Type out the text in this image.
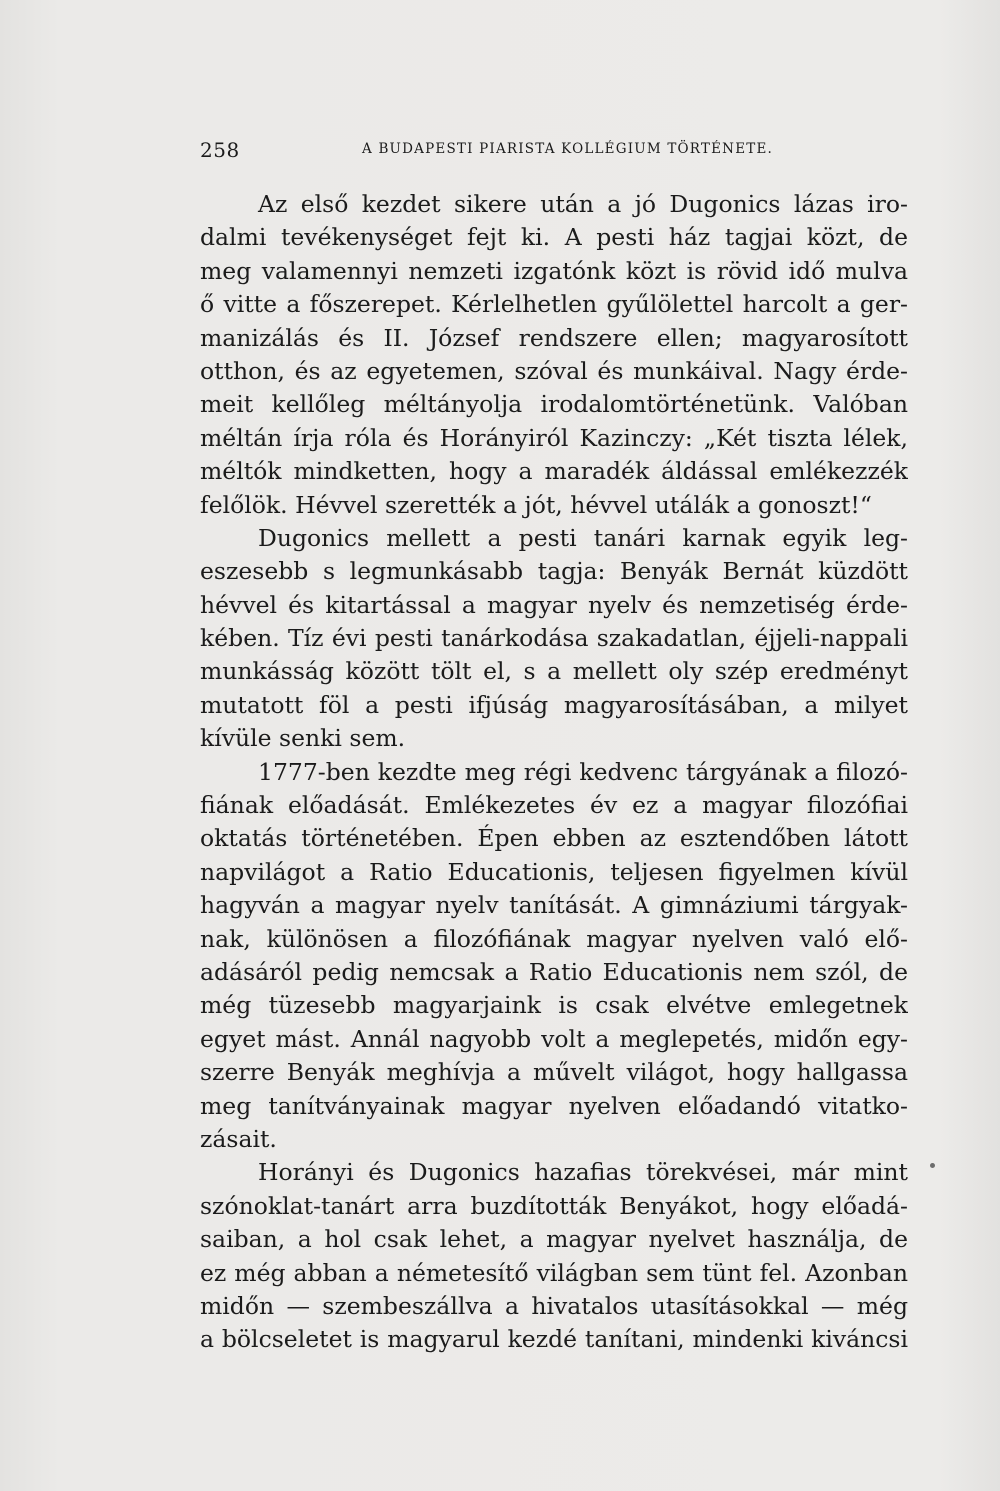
258	A BUDAPESTI PIARISTA KOLLÉGIUM TÖRTÉNETE.
Az első kezdet sikere után a jó Dugonics lázas iro-
dalmi tevékenységet fejt ki. A pesti ház tagjai közt, de
meg valamennyi nemzeti izgatónk közt is rövid idő mulva
ő vitte a főszerepet. Kérlelhetlen gyűlölettel harcolt a ger-
manizálás és II. József rendszere ellen; magyarosított
otthon, és az egyetemen, szóval és munkáival. Nagy érde-
meit kellőleg méltányolja irodalomtörténetünk. Valóban
méltán írja róla és Horányiról Kazinczy: „Két tiszta lélek,
méltók mindketten, hogy a maradék áldással emlékezzék
felőlök. Hévvel szerették a jót, hévvel utálák a gonoszt!“
Dugonics mellett a pesti tanári karnak egyik leg-
eszesebb s legmunkásabb tagja: Benyák Bernát küzdött
hévvel és kitartással a magyar nyelv és nemzetiség érde-
kében. Tíz évi pesti tanárkodása szakadatlan, éjjeli-nappali
munkásság között tölt el, s a mellett oly szép eredményt
mutatott föl a pesti ifjúság magyarosításában, a milyet
kívüle senki sem.
1777-ben kezdte meg régi kedvenc tárgyának a filozó-
fiának előadását. Emlékezetes év ez a magyar filozófiai
oktatás történetében. Épen ebben az esztendőben látott
napvilágot a Ratio Educationis, teljesen figyelmen kívül
hagyván a magyar nyelv tanítását. A gimnáziumi tárgyak-
nak, különösen a filozófiának magyar nyelven való elő-
adásáról pedig nemcsak a Ratio Educationis nem szól, de
még tüzesebb magyarjaink is csak elvétve emlegetnek
egyet mást. Annál nagyobb volt a meglepetés, midőn egy-
szerre Benyák meghívja a művelt világot, hogy hallgassa
meg tanítványainak magyar nyelven előadandó vitatko-
zásait.
Horányi és Dugonics hazafias törekvései, már mint
szónoklat-tanárt arra buzdították Benyákot, hogy előadá-
saiban, a hol csak lehet, a magyar nyelvet használja, de
ez még abban a németesítő világban sem tünt fel. Azonban
midőn — szembeszállva a hivatalos utasításokkal — még
a bölcseletet is magyarul kezdé tanítani, mindenki kiváncsi
